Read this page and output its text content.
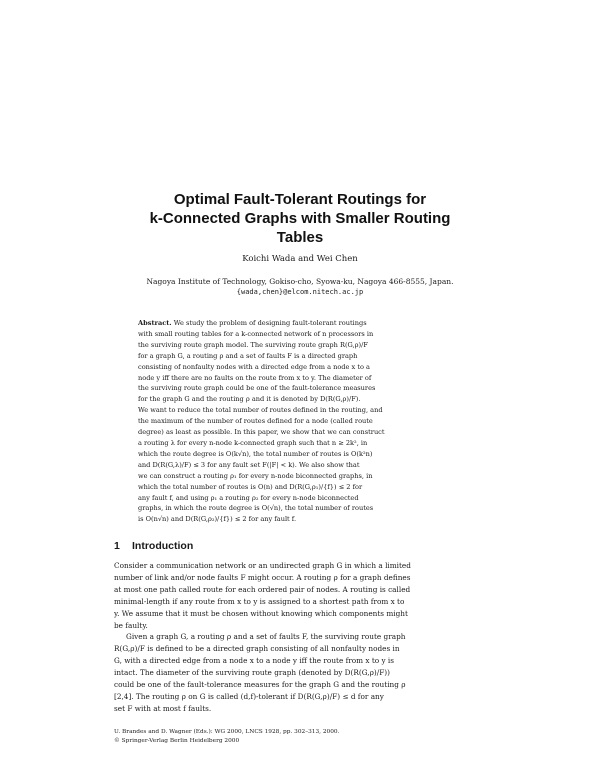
Optimal Fault-Tolerant Routings for
k-Connected Graphs with Smaller Routing
Tables
Koichi Wada and Wei Chen
Nagoya Institute of Technology, Gokiso-cho, Syowa-ku, Nagoya 466-8555, Japan.
{wada,chen}@elcom.nitech.ac.jp
Abstract. We study the problem of designing fault-tolerant routings
with small routing tables for a k-connected network of n processors in
the surviving route graph model. The surviving route graph R(G,ρ)/F
for a graph G, a routing ρ and a set of faults F is a directed graph
consisting of nonfaulty nodes with a directed edge from a node x to a
node y iff there are no faults on the route from x to y. The diameter of
the surviving route graph could be one of the fault-tolerance measures
for the graph G and the routing ρ and it is denoted by D(R(G,ρ)/F).
We want to reduce the total number of routes defined in the routing, and
the maximum of the number of routes defined for a node (called route
degree) as least as possible. In this paper, we show that we can construct
a routing λ for every n-node k-connected graph such that n ≥ 2k², in
which the route degree is O(k√n), the total number of routes is O(k²n)
and D(R(G,λ)/F) ≤ 3 for any fault set F(|F| < k). We also show that
we can construct a routing ρ₁ for every n-node biconnected graphs, in
which the total number of routes is O(n) and D(R(G,ρ₁)/{f}) ≤ 2 for
any fault f, and using ρ₁ a routing ρ₂ for every n-node biconnected
graphs, in which the route degree is O(√n), the total number of routes
is O(n√n) and D(R(G,ρ₂)/{f}) ≤ 2 for any fault f.
1 Introduction
Consider a communication network or an undirected graph G in which a limited
number of link and/or node faults F might occur. A routing ρ for a graph defines
at most one path called route for each ordered pair of nodes. A routing is called
minimal-length if any route from x to y is assigned to a shortest path from x to
y. We assume that it must be chosen without knowing which components might
be faulty.
Given a graph G, a routing ρ and a set of faults F, the surviving route graph
R(G,ρ)/F is defined to be a directed graph consisting of all nonfaulty nodes in
G, with a directed edge from a node x to a node y iff the route from x to y is
intact. The diameter of the surviving route graph (denoted by D(R(G,ρ)/F))
could be one of the fault-tolerance measures for the graph G and the routing ρ
[2,4]. The routing ρ on G is called (d,f)-tolerant if D(R(G,ρ)/F) ≤ d for any
set F with at most f faults.
U. Brandes and D. Wagner (Eds.): WG 2000, LNCS 1928, pp. 302–313, 2000.
© Springer-Verlag Berlin Heidelberg 2000
